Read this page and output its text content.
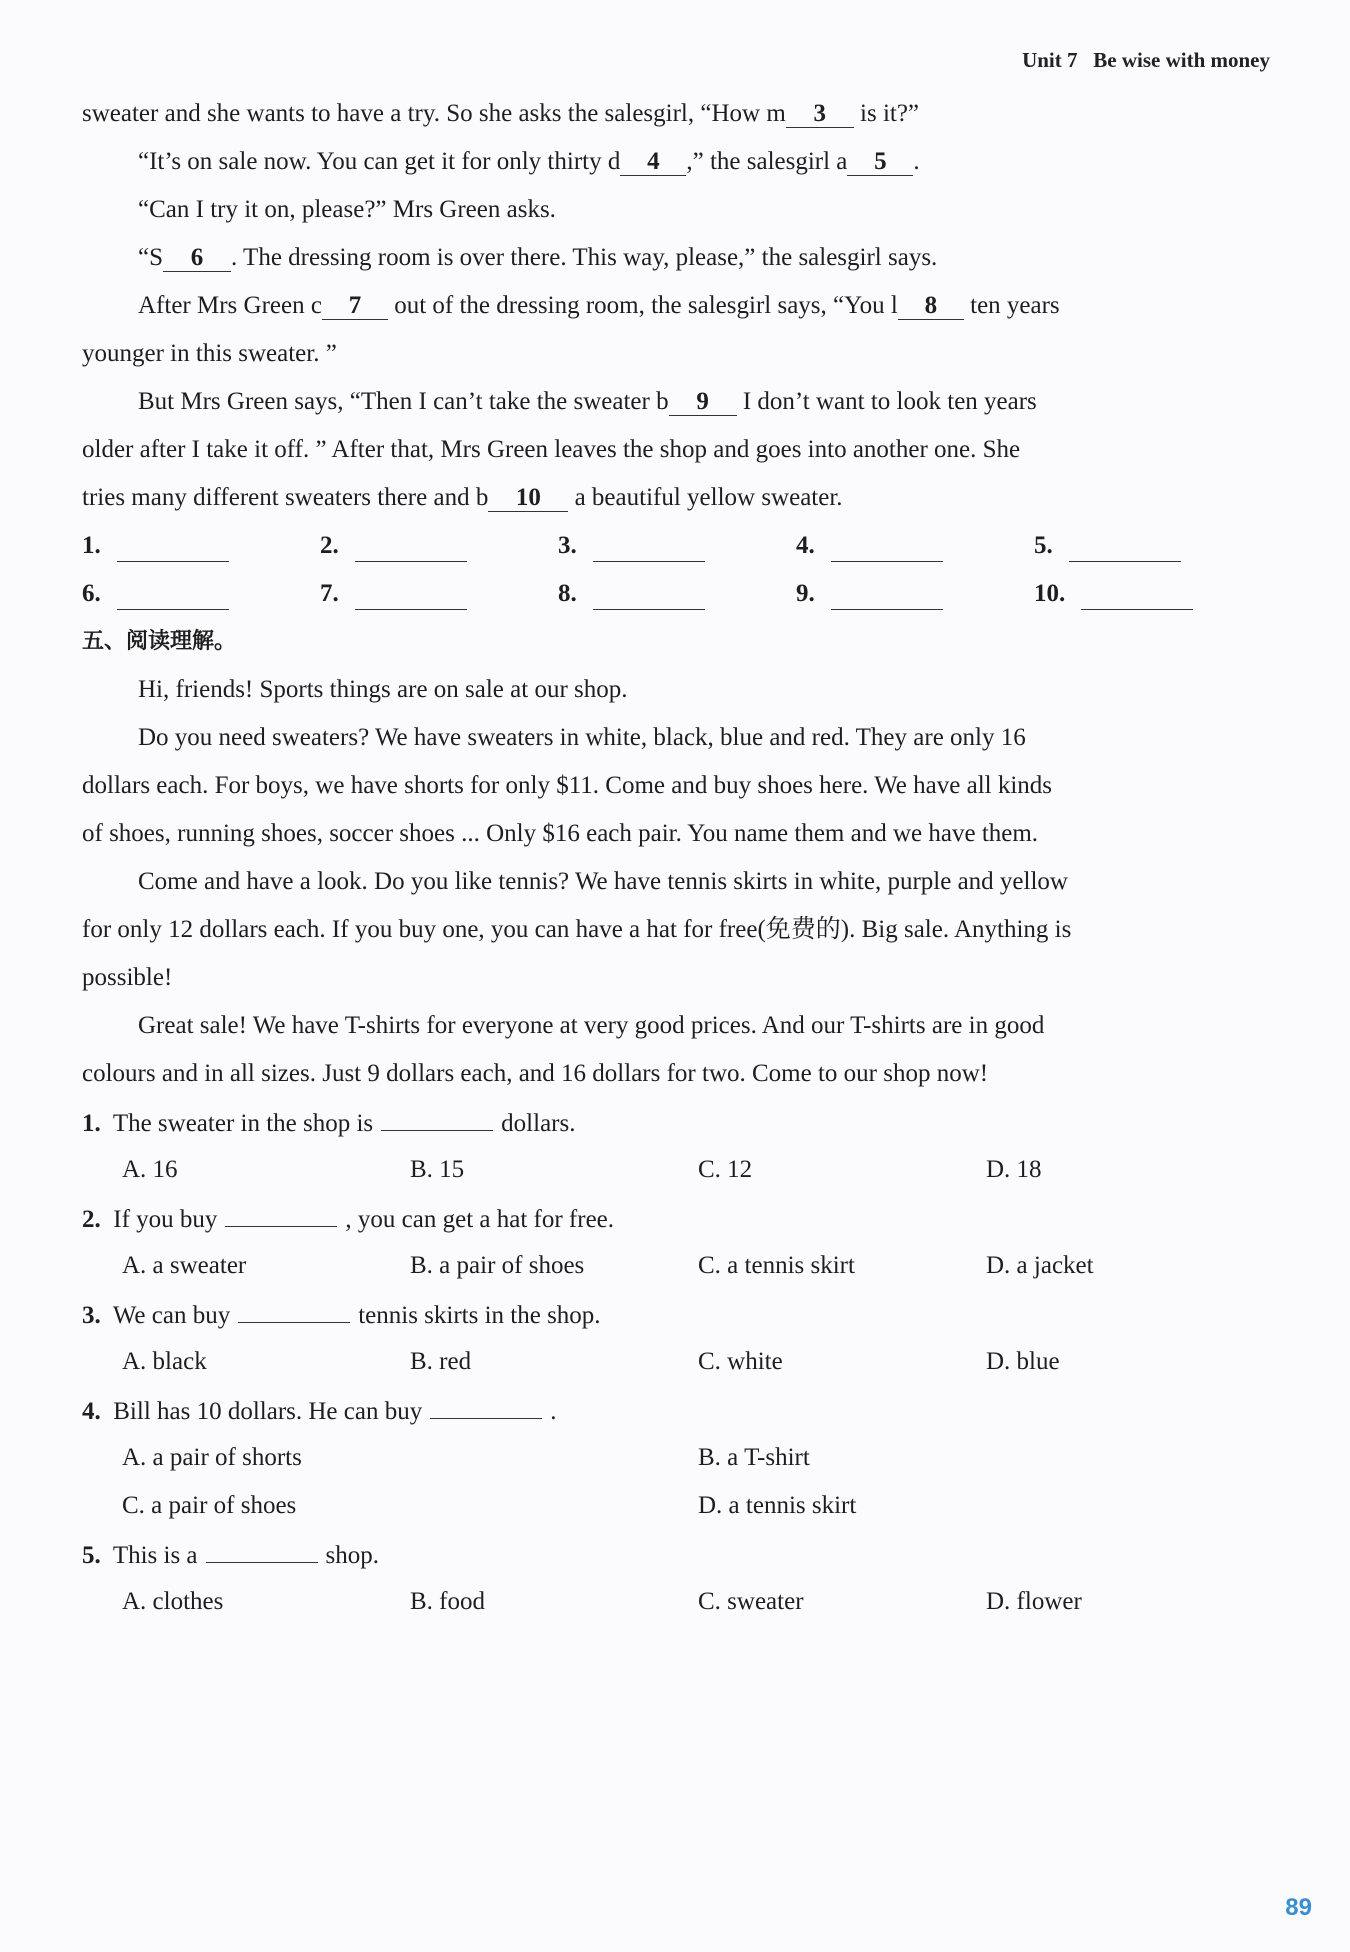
Unit 7 Be wise with money
sweater and she wants to have a try. So she asks the salesgirl, “How m 3 is it?”
“It’s on sale now. You can get it for only thirty d 4 ,” the salesgirl a 5 .
“Can I try it on, please?” Mrs Green asks.
“S 6 . The dressing room is over there. This way, please,” the salesgirl says.
After Mrs Green c 7 out of the dressing room, the salesgirl says, “You l 8 ten years
younger in this sweater. ”
But Mrs Green says, “Then I can’t take the sweater b 9 I don’t want to look ten years
older after I take it off. ” After that, Mrs Green leaves the shop and goes into another one. She
tries many different sweaters there and b 10 a beautiful yellow sweater.
1.	2.	3.	4.	5.
6.	7.	8.	9.	10.
五、阅读理解。
Hi, friends! Sports things are on sale at our shop.
Do you need sweaters? We have sweaters in white, black, blue and red. They are only 16
dollars each. For boys, we have shorts for only $11. Come and buy shoes here. We have all kinds
of shoes, running shoes, soccer shoes ... Only $16 each pair. You name them and we have them.
Come and have a look. Do you like tennis? We have tennis skirts in white, purple and yellow
for only 12 dollars each. If you buy one, you can have a hat for free(免费的). Big sale. Anything is
possible!
Great sale! We have T-shirts for everyone at very good prices. And our T-shirts are in good
colours and in all sizes. Just 9 dollars each, and 16 dollars for two. Come to our shop now!
1. The sweater in the shop is	dollars.
A. 16	B. 15	C. 12	D. 18
2. If you buy	, you can get a hat for free.
A. a sweater	B. a pair of shoes	C. a tennis skirt	D. a jacket
3. We can buy	tennis skirts in the shop.
A. black	B. red	C. white	D. blue
4. Bill has 10 dollars. He can buy	.
A. a pair of shorts	B. a T-shirt
C. a pair of shoes	D. a tennis skirt
5. This is a	shop.
A. clothes	B. food	C. sweater	D. flower
89
